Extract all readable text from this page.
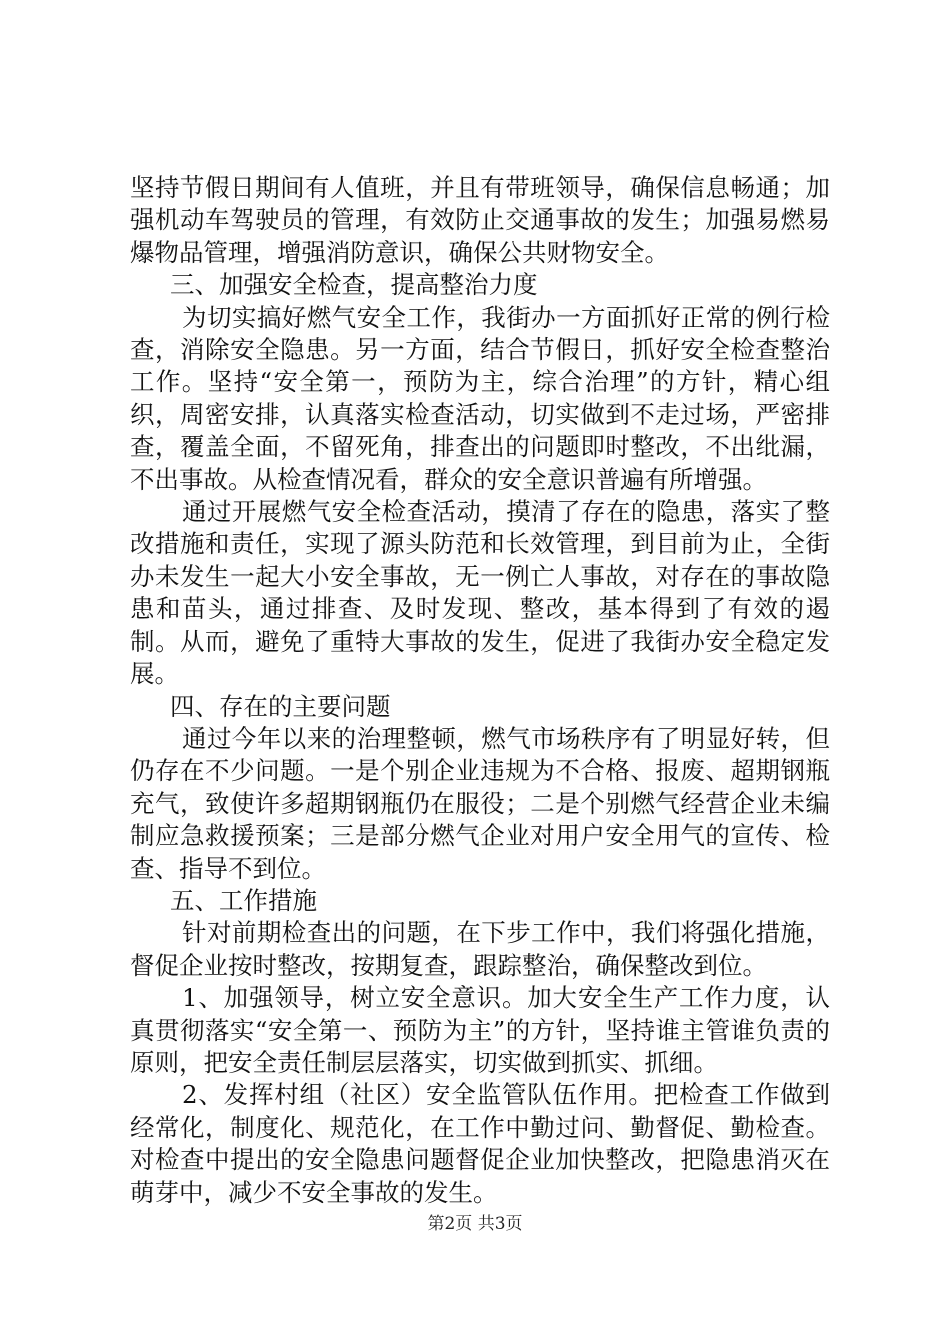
坚持节假日期间有人值班，并且有带班领导，确保信息畅通；加强机动车驾驶员的管理，有效防止交通事故的发生；加强易燃易爆物品管理，增强消防意识，确保公共财物安全。

三、加强安全检查，提高整治力度

为切实搞好燃气安全工作，我街办一方面抓好正常的例行检查，消除安全隐患。另一方面，结合节假日，抓好安全检查整治工作。坚持“安全第一，预防为主，综合治理”的方针，精心组织，周密安排，认真落实检查活动，切实做到不走过场，严密排查，覆盖全面，不留死角，排查出的问题即时整改，不出纰漏，不出事故。从检查情况看，群众的安全意识普遍有所增强。

通过开展燃气安全检查活动，摸清了存在的隐患，落实了整改措施和责任，实现了源头防范和长效管理，到目前为止，全街办未发生一起大小安全事故，无一例亡人事故，对存在的事故隐患和苗头，通过排查、及时发现、整改，基本得到了有效的遏制。从而，避免了重特大事故的发生，促进了我街办安全稳定发展。

四、存在的主要问题

通过今年以来的治理整顿，燃气市场秩序有了明显好转，但仍存在不少问题。一是个别企业违规为不合格、报废、超期钢瓶充气，致使许多超期钢瓶仍在服役；二是个别燃气经营企业未编制应急救援预案；三是部分燃气企业对用户安全用气的宣传、检查、指导不到位。

五、工作措施

针对前期检查出的问题，在下步工作中，我们将强化措施，督促企业按时整改，按期复查，跟踪整治，确保整改到位。

1、加强领导，树立安全意识。加大安全生产工作力度，认真贯彻落实“安全第一、预防为主”的方针，坚持谁主管谁负责的原则，把安全责任制层层落实，切实做到抓实、抓细。

2、发挥村组（社区）安全监管队伍作用。把检查工作做到经常化，制度化、规范化，在工作中勤过问、勤督促、勤检查。对检查中提出的安全隐患问题督促企业加快整改，把隐患消灭在萌芽中，减少不安全事故的发生。

第2页 共3页
